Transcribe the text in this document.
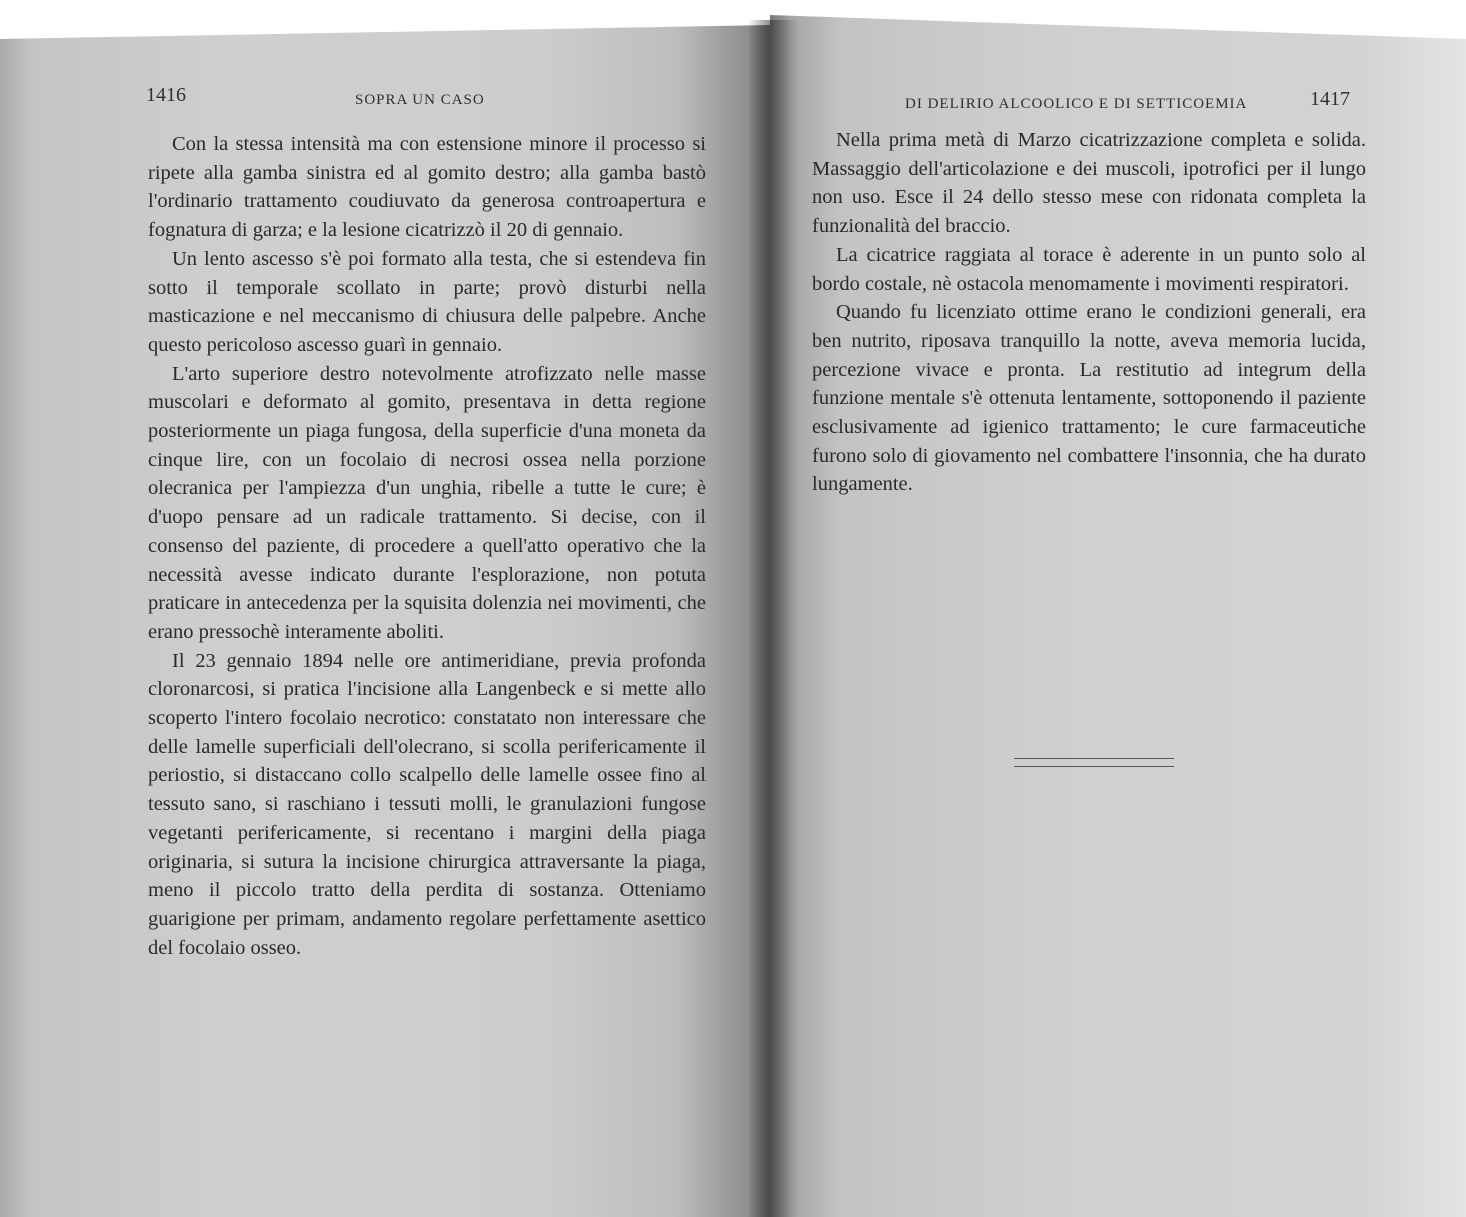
1416	SOPRA UN CASO

Con la stessa intensità ma con estensione minore il processo si ripete alla gamba sinistra ed al gomito destro; alla gamba bastò l'ordinario trattamento coudiuvato da generosa controapertura e fognatura di garza; e la lesione cicatrizzò il 20 di gennaio.

Un lento ascesso s'è poi formato alla testa, che si estendeva fin sotto il temporale scollato in parte; provò disturbi nella masticazione e nel meccanismo di chiusura delle palpebre. Anche questo pericoloso ascesso guarì in gennaio.

L'arto superiore destro notevolmente atrofizzato nelle masse muscolari e deformato al gomito, presentava in detta regione posteriormente un piaga fungosa, della superficie d'una moneta da cinque lire, con un focolaio di necrosi ossea nella porzione olecranica per l'ampiezza d'un unghia, ribelle a tutte le cure; è d'uopo pensare ad un radicale trattamento. Si decise, con il consenso del paziente, di procedere a quell'atto operativo che la necessità avesse indicato durante l'esplorazione, non potuta praticare in antecedenza per la squisita dolenzia nei movimenti, che erano pressochè interamente aboliti.

Il 23 gennaio 1894 nelle ore antimeridiane, previa profonda cloronarcosi, si pratica l'incisione alla Langenbeck e si mette allo scoperto l'intero focolaio necrotico: constatato non interessare che delle lamelle superficiali dell'olecrano, si scolla perifericamente il periostio, si distaccano collo scalpello delle lamelle ossee fino al tessuto sano, si raschiano i tessuti molli, le granulazioni fungose vegetanti perifericamente, si recentano i margini della piaga originaria, si sutura la incisione chirurgica attraversante la piaga, meno il piccolo tratto della perdita di sostanza. Otteniamo guarigione per primam, andamento regolare perfettamente asettico del focolaio osseo.

DI DELIRIO ALCOOLICO E DI SETTICOEMIA	1417

Nella prima metà di Marzo cicatrizzazione completa e solida. Massaggio dell'articolazione e dei muscoli, ipotrofici per il lungo non uso. Esce il 24 dello stesso mese con ridonata completa la funzionalità del braccio.

La cicatrice raggiata al torace è aderente in un punto solo al bordo costale, nè ostacola menomamente i movimenti respiratori.

Quando fu licenziato ottime erano le condizioni generali, era ben nutrito, riposava tranquillo la notte, aveva memoria lucida, percezione vivace e pronta. La restitutio ad integrum della funzione mentale s'è ottenuta lentamente, sottoponendo il paziente esclusivamente ad igienico trattamento; le cure farmaceutiche furono solo di giovamento nel combattere l'insonnia, che ha durato lungamente.
